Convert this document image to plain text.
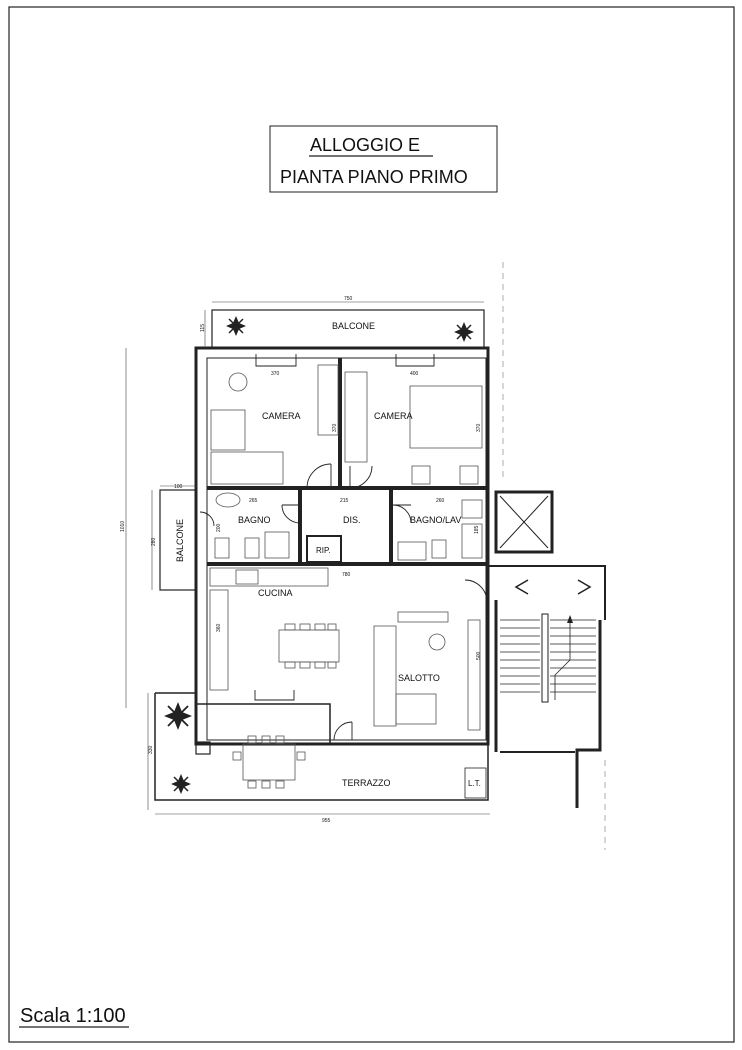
ALLOGGIO E
PIANTA PIANO PRIMO
750
115
1010
100
280
370	400
370
370
265	215	260
185
200
780
360
500
330
955
BALCONE
CAMERA	CAMERA
BAGNO	DIS.	BAGNO/LAV
RIP.
BALCONE
CUCINA
SALOTTO
TERRAZZO	L.T.
Scala 1:100
